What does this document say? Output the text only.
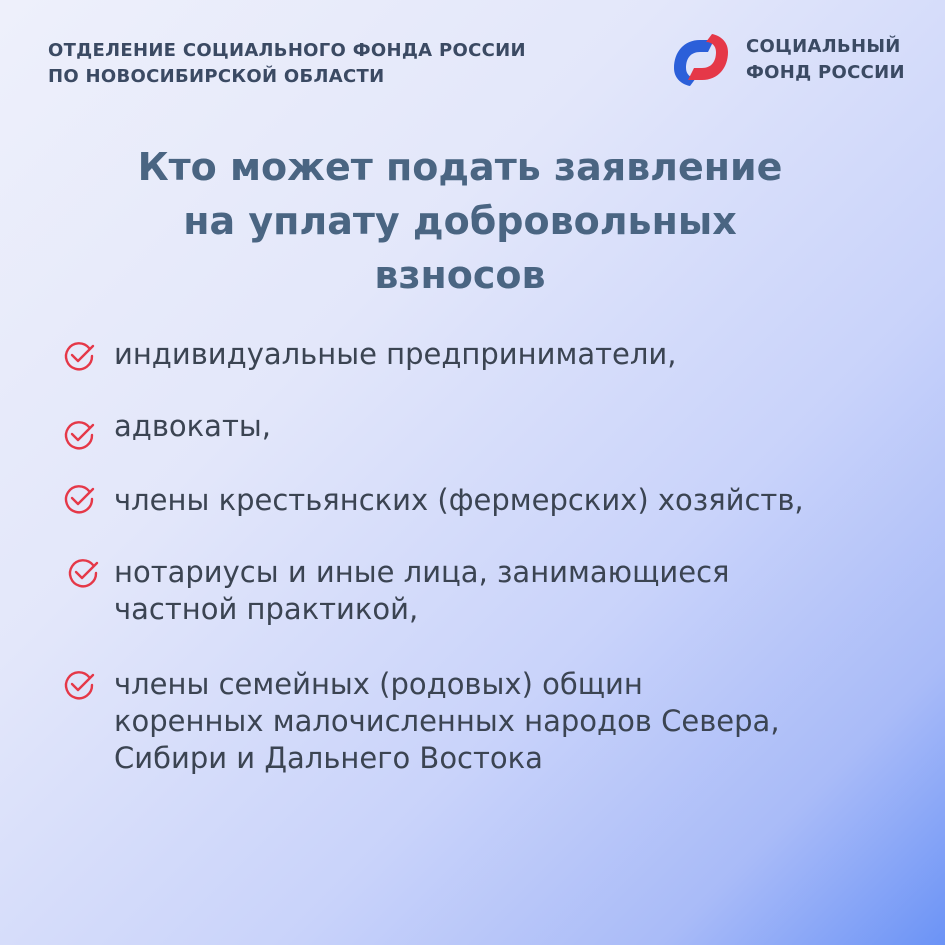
ОТДЕЛЕНИЕ СОЦИАЛЬНОГО ФОНДА РОССИИ
ПО НОВОСИБИРСКОЙ ОБЛАСТИ
СОЦИАЛЬНЫЙ
ФОНД РОССИИ
Кто может подать заявление
на уплату добровольных
взносов
индивидуальные предприниматели,
адвокаты,
члены крестьянских (фермерских) хозяйств,
нотариусы и иные лица, занимающиеся
частной практикой,
члены семейных (родовых) общин
коренных малочисленных народов Севера,
Сибири и Дальнего Востока
